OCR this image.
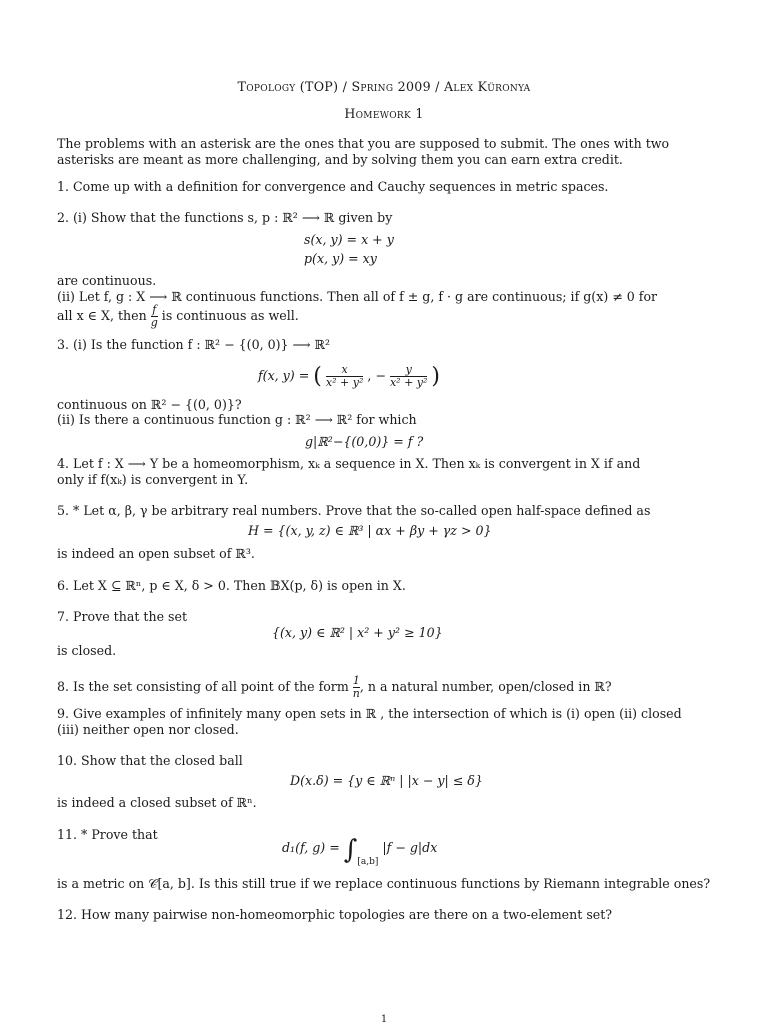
Topology (TOP) / Spring 2009 / Alex Küronya
Homework 1
The problems with an asterisk are the ones that you are supposed to submit. The ones with two
asterisks are meant as more challenging, and by solving them you can earn extra credit.
1. Come up with a definition for convergence and Cauchy sequences in metric spaces.
2. (i) Show that the functions s, p : ℝ² ⟶ ℝ given by
s(x, y) = x + y
p(x, y) = xy
are continuous.
(ii) Let f, g : X ⟶ ℝ continuous functions. Then all of f ± g, f · g are continuous; if g(x) ≠ 0 for
all x ∈ X, then $\frac{f}{g}$ is continuous as well.
3. (i) Is the function f : ℝ² − {(0, 0)} ⟶ ℝ²
f(x, y) = ( $\frac{x}{\text{x² + y²}}$ , − $\frac{y}{\text{x² + y²}}$ )
continuous on ℝ² − {(0, 0)}?
(ii) Is there a continuous function g : ℝ² ⟶ ℝ² for which
g|ℝ²−{(0,0)} = f ?
4. Let f : X ⟶ Y be a homeomorphism, xₖ a sequence in X. Then xₖ is convergent in X if and
only if f(xₖ) is convergent in Y.
5. * Let α, β, γ be arbitrary real numbers. Prove that the so-called open half-space defined as
H = {(x, y, z) ∈ ℝ³ | αx + βy + γz > 0}
is indeed an open subset of ℝ³.
6. Let X ⊆ ℝⁿ, p ∈ X, δ > 0. Then 𝔹X(p, δ) is open in X.
7. Prove that the set
{(x, y) ∈ ℝ² | x² + y² ≥ 10}
is closed.
8. Is the set consisting of all point of the form $\frac{1}{n}$ , n a natural number, open/closed in ℝ?
9. Give examples of infinitely many open sets in ℝ , the intersection of which is (i) open (ii) closed
(iii) neither open nor closed.
10. Show that the closed ball
D(x.δ) = {y ∈ ℝⁿ | |x − y| ≤ δ}
is indeed a closed subset of ℝⁿ.
11. * Prove that
d₁(f, $g) = \int_{[a,b]}$ |f − g|dx
is a metric on 𝒞[a, b]. Is this still true if we replace continuous functions by Riemann integrable ones?
12. How many pairwise non-homeomorphic topologies are there on a two-element set?
1
